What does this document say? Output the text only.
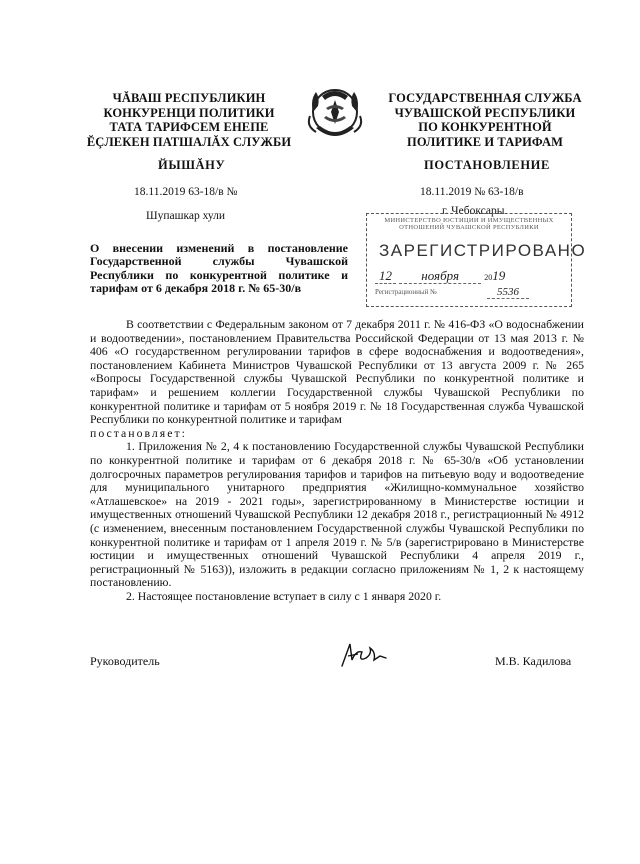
ЧĂВАШ РЕСПУБЛИКИН
КОНКУРЕНЦИ ПОЛИТИКИ
ТАТА ТАРИФСЕМ ЕНЕПЕ
ĔÇЛЕКЕН ПАТШАЛĂХ СЛУЖБИ
ЙЫШĂНУ
18.11.2019 63-18/в №
Шупашкар хули
ГОСУДАРСТВЕННАЯ СЛУЖБА
ЧУВАШСКОЙ РЕСПУБЛИКИ
ПО КОНКУРЕНТНОЙ
ПОЛИТИКЕ И ТАРИФАМ
ПОСТАНОВЛЕНИЕ
18.11.2019 № 63-18/в
г. Чебоксары
О внесении изменений в постановление
Государственной службы Чувашской
Республики по конкурентной политике и
тарифам от 6 декабря 2018 г. № 65-30/в
МИНИСТЕРСТВО ЮСТИЦИИ И ИМУЩЕСТВЕННЫХ ОТНОШЕНИЙ ЧУВАШСКОЙ РЕСПУБЛИКИ
ЗАРЕГИСТРИРОВАНО
12 ноября	2019
Регистрационный №	5536

В соответствии с Федеральным законом от 7 декабря 2011 г. № 416-ФЗ «О водоснабжении и водоотведении», постановлением Правительства Российской Федерации от 13 мая 2013 г. № 406 «О государственном регулировании тарифов в сфере водоснабжения и водоотведения», постановлением Кабинета Министров Чувашской Республики от 13 августа 2009 г. № 265 «Вопросы Государственной службы Чувашской Республики по конкурентной политике и тарифам» и решением коллегии Государственной службы Чувашской Республики по конкурентной политике и тарифам от 5 ноября 2019 г. № 18 Государственная служба Чувашской Республики по конкурентной политике и тарифам

постановляет:

1. Приложения № 2, 4 к постановлению Государственной службы Чувашской Республики по конкурентной политике и тарифам от 6 декабря 2018 г. № 65-30/в «Об установлении долгосрочных параметров регулирования тарифов и тарифов на питьевую воду и водоотведение для муниципального унитарного предприятия «Жилищно-коммунальное хозяйство «Атлашевское» на 2019 - 2021 годы», зарегистрированному в Министерстве юстиции и имущественных отношений Чувашской Республики 12 декабря 2018 г., регистрационный № 4912 (с изменением, внесенным постановлением Государственной службы Чувашской Республики по конкурентной политике и тарифам от 1 апреля 2019 г. № 5/в (зарегистрировано в Министерстве юстиции и имущественных отношений Чувашской Республики 4 апреля 2019 г., регистрационный № 5163)), изложить в редакции согласно приложениям № 1, 2 к настоящему постановлению.

2. Настоящее постановление вступает в силу с 1 января 2020 г.

Руководитель	М.В. Кадилова
